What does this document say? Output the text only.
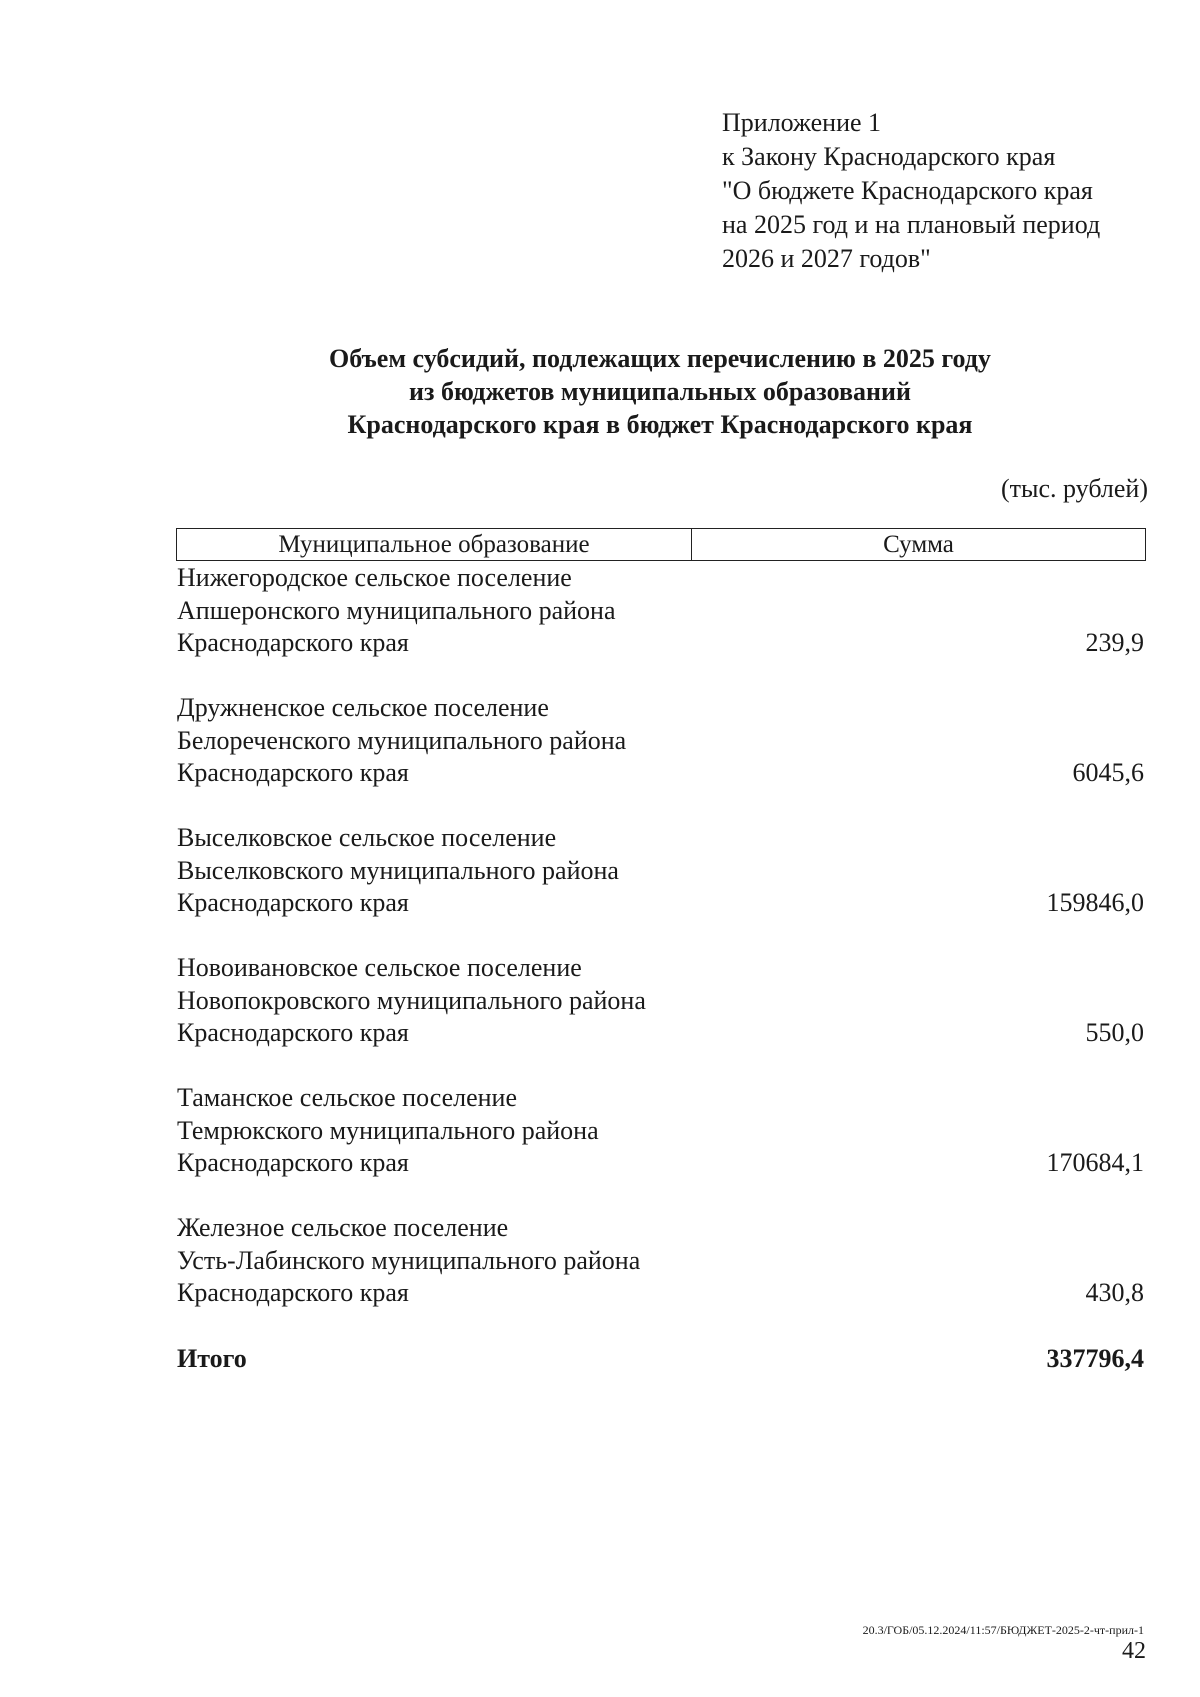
Приложение 1
к Закону Краснодарского края
"О бюджете Краснодарского края
на 2025 год и на плановый период
2026 и 2027 годов"
Объем субсидий, подлежащих перечислению в 2025 году
из бюджетов муниципальных образований
Краснодарского края в бюджет Краснодарского края
(тыс. рублей)
Муниципальное образование	Сумма
Нижегородское сельское поселение
Апшеронского муниципального района
Краснодарского края	239,9
Дружненское сельское поселение
Белореченского муниципального района
Краснодарского края	6045,6
Выселковское сельское поселение
Выселковского муниципального района
Краснодарского края	159846,0
Новоивановское сельское поселение
Новопокровского муниципального района
Краснодарского края	550,0
Таманское сельское поселение
Темрюкского муниципального района
Краснодарского края	170684,1
Железное сельское поселение
Усть-Лабинского муниципального района
Краснодарского края	430,8
Итого	337796,4
20.3/ГОБ/05.12.2024/11:57/БЮДЖЕТ-2025-2-чт-прил-1
42
